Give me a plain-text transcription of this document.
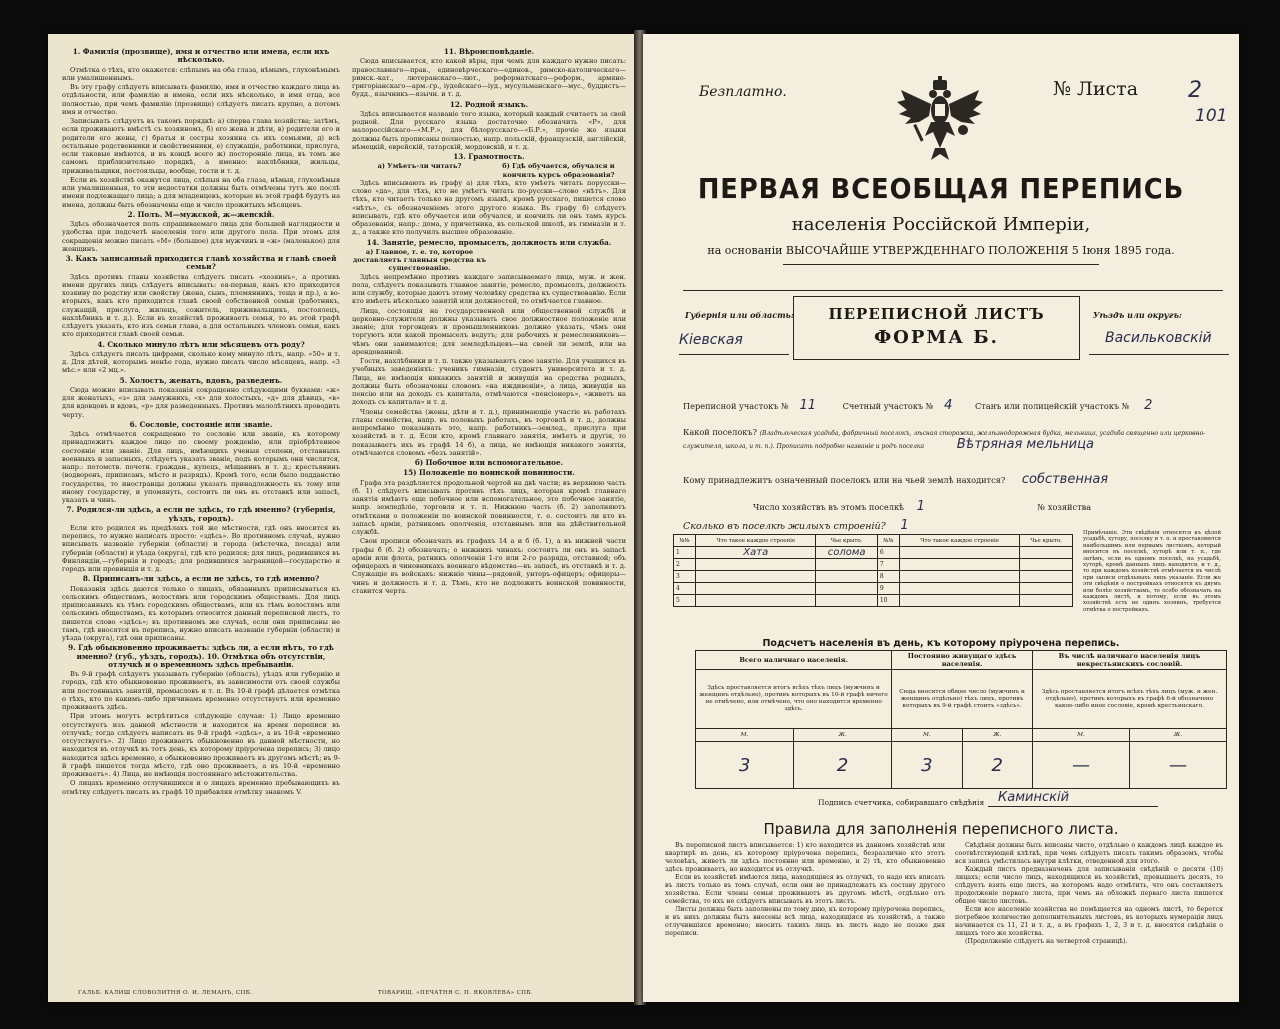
1. Фамилія (прозвище), имя и отчество или имена, если ихъ нѣсколько.

Отмѣтка о тѣхъ, кто окажется: слѣпымъ на оба глаза, нѣмымъ, глухонѣмымъ или умалишеннымъ.

Въ эту графу слѣдуетъ вписывать фамилію, имя и отчество каждаго лица въ отдѣльности, или фамилію и имена, если ихъ нѣсколько, и имя отца, все полностью, при чемъ фамилію (прозвище) слѣдуетъ писать крупно, а потомъ имя и отчество.

Записывать слѣдуетъ въ такомъ порядкѣ: а) сперва глава хозяйства; затѣмъ, если проживаютъ вмѣстѣ съ хозяиномъ, б) его жена и дѣти, в) родители его и родители его жены, г) братья и сестры хозяина съ ихъ семьями, д) всѣ остальные родственники и свойственники, е) служащіе, работники, прислуга, если таковые имѣются, и въ концѣ всего ж) посторонніе лица, въ томъ же самомъ приблизительно порядкѣ, а именно: нахлѣбники, жильцы, приживальщики, постояльцы, вообще, гости и т. д.

Если въ хозяйствѣ окажутся лица, слѣпыя на оба глаза, нѣмыя, глухонѣмыя или умалишенныя, то эти недостатки должны быть отмѣчены тутъ же послѣ имени подлежащаго лица; а для младенцевъ, которые въ этой графѣ будутъ на имена, должны быть обозначены еще и число прожитыхъ мѣсяцевъ.

2. Полъ. М—мужской, ж—женскій.

Здѣсь обозначается полъ спрашиваемаго лица для большей наглядности и удобства при подсчетѣ населенія того или другого пола. При этомъ для сокращенія можно писать «М» (большое) для мужчинъ и «ж» (маленькое) для женщинъ.

3. Какъ записанный приходится главѣ хозяйства и главѣ своей семьи?

Здѣсь противъ главы хозяйства слѣдуетъ писать «хозяинъ», а противъ имени другихъ лицъ слѣдуетъ вписывать: ея-первыя, какъ кто приходится хозяину по родству или свойству (жена, сынъ, племянникъ, теща и пр.), а во-вторыхъ, какъ кто приходится главѣ своей собственной семьи (работникъ, служащій, прислуга, жилецъ, сожитель, приживальщикъ, постоялецъ, нахлѣбникъ и т. д.). Если въ хозяйствѣ проживаетъ семья, то въ этой графѣ слѣдуетъ указать, кто изъ семьи глава, а для остальныхъ членовъ семьи, какъ кто приходится главѣ своей семьи.

4. Сколько минуло лѣтъ или мѣсяцевъ отъ роду?

Здѣсь слѣдуетъ писать цифрами, сколько кому минуло лѣтъ, напр. «50» и т. д. Для дѣтей, которымъ менѣе года, нужно писать число мѣсяцевъ, напр. «3 мѣс.» или «2 мц.».

5. Холостъ, женатъ, вдовъ, разведенъ.

Сюда можно вписывать показанія сокращенно слѣдующими буквами: «ж» для женатыхъ, «з» для замужнихъ, «х» для холостыхъ, «д» для дѣвицъ, «в» для вдовцовъ и вдовъ, «р» для разведенныхъ. Противъ малолѣтнихъ проводить черту.

6. Сословіе, состояніе или званіе.

Здѣсь отмѣчается сокращенно то сословіе или званіе, къ которому принадлежитъ каждое лицо по своему рожденію, или пріобрѣтенное состояніе или званіе. Для лицъ, имѣющихъ ученыя степени, отставныхъ военныхъ и запасныхъ, слѣдуетъ указать званіе, подъ которымъ они числятся, напр.: потомств. почетн. граждан., купецъ, мѣщанинъ и т. д.; крестьянинъ (водворенъ, приписанъ, мѣсто и разрядъ). Кромѣ того, если было подданство государства, то иностранцы должны указать принадлежность къ тому или иному государству, и упомянуть, состоитъ ли онъ въ отставкѣ или запасѣ, указать и чинъ.

7. Родился-ли здѣсь, а если не здѣсь, то гдѣ именно? (губернія, уѣздъ, городъ).

Если кто родился въ предѣлахъ той же мѣстности, гдѣ онъ вносится въ перепись, то нужно написать просто: «здѣсь». Во противномъ случаѣ, нужно вписывать названіе губерніи (области) и города (мѣстечка, посада) или губерніи (области) и уѣзда (округа), гдѣ кто родился; для лицъ, родившихся въ Финляндіи,—губернія и городъ; для родившихся заграницей—государство и городъ или провинція и т. д.

8. Приписанъ-ли здѣсь, а если не здѣсь, то гдѣ именно?

Показанія здѣсь даются только о лицахъ, обязанныхъ приписываться къ сельскимъ обществамъ, волостямъ или городскимъ обществамъ. Для лицъ приписанныхъ къ тѣмъ городскимъ обществамъ, или къ тѣмъ волостямъ или сельскимъ обществамъ, къ которымъ относится данный переписной листъ, то пишется слово «здѣсь»; въ противномъ же случаѣ, если они приписаны не тамъ, гдѣ вносятся въ перепись, нужно вписать названіе губерніи (области) и уѣзда (округа), гдѣ они приписаны.

9. Гдѣ обыкновенно проживаетъ: здѣсь ли, а если нѣтъ, то гдѣ именно? (губ., уѣздъ, городъ). 10. Отмѣтка объ отсутствіи, отлучкѣ и о временномъ здѣсь пребываніи.

Въ 9-й графѣ слѣдуетъ указывать губернію (область), уѣздъ или губернію и городъ, гдѣ кто обыкновенно проживаетъ, въ зависимости отъ своей службы или постоянныхъ занятій, промысловъ и т. п. Въ 10-й графѣ дѣлается отмѣтка о тѣхъ, кто по какимъ-либо причинамъ временно отсутствуетъ или временно проживаетъ здѣсь.

При этомъ могутъ встрѣтиться слѣдующіе случаи: 1) Лицо временно отсутствуетъ изъ данной мѣстности и находится на время переписи въ отлучкѣ; тогда слѣдуетъ написать въ 9-й графѣ «здѣсь», а въ 10-й «временно отсутствуетъ». 2) Лицо проживаетъ обыкновенно въ данной мѣстности, но находится въ отлучкѣ въ тотъ день, къ которому пріурочена перепись; 3) лицо находится здѣсь временно, а обыкновенно проживаетъ въ другомъ мѣстѣ; въ 9-й графѣ пишется тогда мѣсто, гдѣ оно проживаетъ, а въ 10-й «временно проживаетъ». 4) Лица, не имѣющія постояннаго мѣстожительства.

О лицахъ временно отлучившихся и о лицахъ временно пребывающихъ въ отмѣтку слѣдуетъ писать въ графѣ 10 прибавляя отмѣтку знакомъ V.

11. Вѣроисповѣданіе.

Сюда вписывается, кто какой вѣры, при чемъ для каждаго нужно писать: православнаго—прав., единовѣрческаго—единов., римско-католическаго—римск.-кат., лютеранскаго—лют., реформатскаго—реформ., армяно-григоріанскаго—арм.-гр., іудейскаго—іуд., мусульманскаго—мус., буддистъ—будд., язычникъ—язычн. и т. д.

12. Родной языкъ.

Здѣсь вписывается названіе того языка, который каждый считаетъ за свой родной. Для русскаго языка достаточно обозначить «Р», для малороссійскаго—«М.Р.», для бѣлорусскаго—«Б.Р.», прочіе же языки должны быть прописаны полностью, напр. польскій, французскій, англійскій, нѣмецкій, еврейскій, татарскій, мордовскій, и т. д.

13. Грамотность.
а) Умѣетъ-ли читать?	б) Гдѣ обучается, обучался и кончилъ курсъ образованія?

Здѣсь вписывають въ графу а) для тѣхъ, кто умѣетъ читать порусски—слово «да», для тѣхъ, кто не умѣетъ читать по-русски—слово «нѣтъ». Для тѣхъ, кто читаетъ только на другомъ языкѣ, кромѣ русскаго, пишется слово «нѣтъ», съ обозначеніемъ этого другого языка. Въ графу б) слѣдуетъ вписывать, гдѣ кто обучается или обучался, и кончилъ ли онъ тамъ курсъ образованія, напр.: дома, у причетника, въ сельской школѣ, въ гимназіи и т. д., а также кто получилъ высшее образованіе.

14. Занятіе, ремесло, промыселъ, должность или служба.
а) Главное, т. е. то, которое доставляетъ главныя средства къ существованію.

Здѣсь непремѣнно противъ каждаго записываемаго лица, муж. и жен. пола, слѣдуетъ показывать главное занятіе, ремесло, промыселъ, должность или службу, которые даютъ этому человѣку средства къ существованію. Если кто имѣетъ нѣсколько занятій или должностей, то отмѣчается главное.

Лица, состоящія на государственной или общественной службѣ и церковно-служители должны указывать свое должностное положеніе или званіе; для торговцевъ и промышленниковъ должно указать, чѣмъ они торгуютъ или какой промыселъ ведутъ; для рабочихъ и ремесленниковъ—чѣмъ они занимаются; для земледѣльцевъ—на своей ли землѣ, или на арендованной.

Гости, нахлѣбники и т. п. также указываютъ свое занятіе. Для учащихся въ учебныхъ заведеніяхъ: ученикъ гимназіи, студентъ университета и т. д. Лица, не имѣющія никакихъ занятій и живущія на средства родныхъ, должны быть обозначены словомъ «на иждивеніи», а лица, живущія на пенсію или на доходъ съ капитала, отмѣчаются «пенсіонеръ», «живетъ на доходъ съ капитала» и т. д.

Члены семейства (жены, дѣти и т. д.), принимающіе участіе въ работахъ главы семейства, напр. въ полевыхъ работахъ, въ торговлѣ и т. д., должны непремѣнно показывать это, напр. работникъ—землед., прислуга при хозяйствѣ и т. д. Если кто, кромѣ главнаго занятія, имѣетъ и другія, то показываетъ ихъ въ графѣ 14 б), а лица, не имѣющія никакого занятія, отмѣчаются словомъ «безъ занятій».

б) Побочное или вспомогательное.
15) Положеніе по воинской повинности.

Графа эта раздѣляется продольной чертой на двѣ части; въ верхнюю часть (б. 1) слѣдуетъ вписывать противъ тѣхъ лицъ, которыя кромѣ главнаго занятія имѣютъ еще побочное или вспомогательное, это побочное занятіе, напр. земледѣліе, торговля и т. п. Нижнюю часть (б. 2) заполняютъ отмѣтками о положеніи по воинской повинности, т. е. состоитъ ли кто въ запасѣ арміи, ратникомъ ополченія, отставнымъ или на дѣйствительной службѣ.

Свои прописи обозначать въ графахъ 14 а и б (б. 1), а въ нижней части графы б (б. 2) обозначать; о нижнихъ чинахъ: состоитъ ли онъ въ запасѣ арміи или флота, ратникъ ополченія 1-го или 2-го разряда, отставной; объ офицерахъ и чиновникахъ военнаго вѣдомства—въ запасѣ, въ отставкѣ и т. д. Служащіе въ войскахъ: нижніе чины—рядовой, унтеръ-офицеръ; офицеры—чинъ и должность и т. д. Тѣмъ, кто не подлежитъ воинской повинности, ставится черта.

ГАЛЬБ. КАЛИШ СЛОВОЛИТНЯ О. И. ЛЕМАНЪ, СПБ.	ТОВАРИЩ. «ПЕЧАТНЯ С. П. ЯКОВЛЕВА» СПБ.
Безплатно.	№ Листа 2
101
ПЕРВАЯ ВСЕОБЩАЯ ПЕРЕПИСЬ
населенія Россійской Имперіи,
на основаніи ВЫСОЧАЙШЕ УТВЕРЖДЕННАГО ПОЛОЖЕНІЯ 5 Іюня 1895 года.
Губернія или область:
Кiевская
ПЕРЕПИСНОЙ ЛИСТЪ
ФОРМА Б.
Уѣздъ или округъ:
Васильковскiй
Переписной участокъ № 11	Счетный участокъ № 4	Станъ или полицейскій участокъ № 2
Какой поселокъ? (Владѣльческая усадьба, фабричный поселокъ, лѣсная сторожка, желѣзнодорожная будка, мельница, усадьба священно или церковно-служителя, школа, и т. п.). Прописать подробно названіе и родъ поселка	Вѣтряная мельница
Кому принадлежитъ означенный поселокъ или на чьей землѣ находится? собственная
Число хозяйствъ въ этомъ поселкѣ 1	№ хозяйства
Сколько въ поселкѣ жилыхъ строеній? 1
№№	Что такое каждое строеніе	Чье крыто.	№№	Что такое каждое строеніе	Чье крыто.
1	Хата	солома	6		
2			7		
3			8		
4			9		
5			10		
Примѣчаніе. Эти свѣдѣнія относятся къ цѣлой усадьбѣ, хутору, поселку и т. п. и проставляются наибольшимъ или первымъ листкомъ, который вносится въ поселкѣ, хуторѣ или т. п., где затѣмъ, если въ одномъ поселкѣ, на усадьбѣ, хуторѣ, кромѣ данныхъ лицъ находится, и т. д., то при каждомъ хозяйствѣ отмѣчается въ числѣ при записи отдѣльныхъ лицъ указаніе. Если же эти свѣдѣнія о постройкахъ относятся къ двумъ или болѣе хозяйствамъ, то особо обозначать на каждомъ листѣ, и потому, если въ этомъ хозяйствѣ есть не одинъ хозяинъ, требуется отмѣтка о постройкахъ.
Подсчетъ населенія въ день, къ которому пріурочена перепись.
Всего наличнаго населенія.		Постоянно живущаго здѣсь населенія.		Въ числѣ наличнаго населенія лицъ некрестьянскихъ сословій.	
Здѣсь проставляется итогъ всѣхъ тѣхъ лицъ (мужчинъ и женщинъ отдѣльно), противъ которыхъ въ 10-й графѣ ничего не отмѣчено, или отмѣчено, что оно находится временно здѣсь.		Сюда вносится общее число (мужчинъ и женщинъ отдѣльно) тѣхъ лицъ, противъ которыхъ въ 9-й графѣ стоитъ «здѣсь».		Здѣсь проставляется итогъ всѣхъ тѣхъ лицъ (муж. и жен. отдѣльно), противъ которыхъ въ графѣ 6-й обозначено какое-либо иное сословіе, кромѣ крестьянскаго.	
М.	Ж.	М.	Ж.	М.	Ж.
3	2	3	2	—	—
Подпись счетчика, собиравшаго свѣдѣнія Каминскiй
Правила для заполненія переписного листа.

Въ переписной листъ вписывается: 1) кто находится въ данномъ хозяйствѣ или квартирѣ въ день, къ которому пріурочена перепись, безразлично кто этотъ человѣкъ, живетъ ли здѣсь постоянно или временно, и 2) тѣ, кто обыкновенно здѣсь проживаетъ, но находится въ отлучкѣ.

Если въ хозяйствѣ имѣются лица, находящіяся въ отлучкѣ, то надо ихъ вписать въ листъ только въ томъ случаѣ, если они не принадлежатъ къ составу другого хозяйства. Если члены семьи проживаютъ въ другомъ мѣстѣ, отдѣльно отъ семейства, то ихъ не слѣдуетъ вписывать въ этотъ листъ.

Листы должны быть заполнены по тому дню, къ которому пріурочена перепись, и въ нихъ должны быть внесены всѣ лица, находящіяся въ хозяйствѣ, а также отлучившіяся временно; вносить такихъ лицъ въ листъ надо не позже дня переписи.

Свѣдѣнія должны быть вписаны чисто, отдѣльно о каждомъ лицѣ каждое въ соотвѣтствующей клѣткѣ, при чемъ слѣдуетъ писать такимъ образомъ, чтобы вся запись умѣстилась внутри клѣтки, отведенной для этого.

Каждый листъ предназначенъ для записыванія свѣдѣній о десяти (10) лицахъ; если число лицъ, находящихся въ хозяйствѣ, превышаетъ десять, то слѣдуетъ взять еще листъ, на которомъ надо отмѣтить, что онъ составляетъ продолженіе перваго листа, при чемъ на обложкѣ перваго листа пишется общее число листовъ.

Если все населеніе хозяйства не помѣщается на одномъ листѣ, то берется потребное количество дополнительныхъ листовъ, въ которыхъ нумерація лицъ начинается съ 11, 21 и т. д., а въ графахъ 1, 2, 3 и т. д. вносятся свѣдѣнія о лицахъ того же хозяйства.

(Продолженіе слѣдуетъ на четвертой страницѣ).
